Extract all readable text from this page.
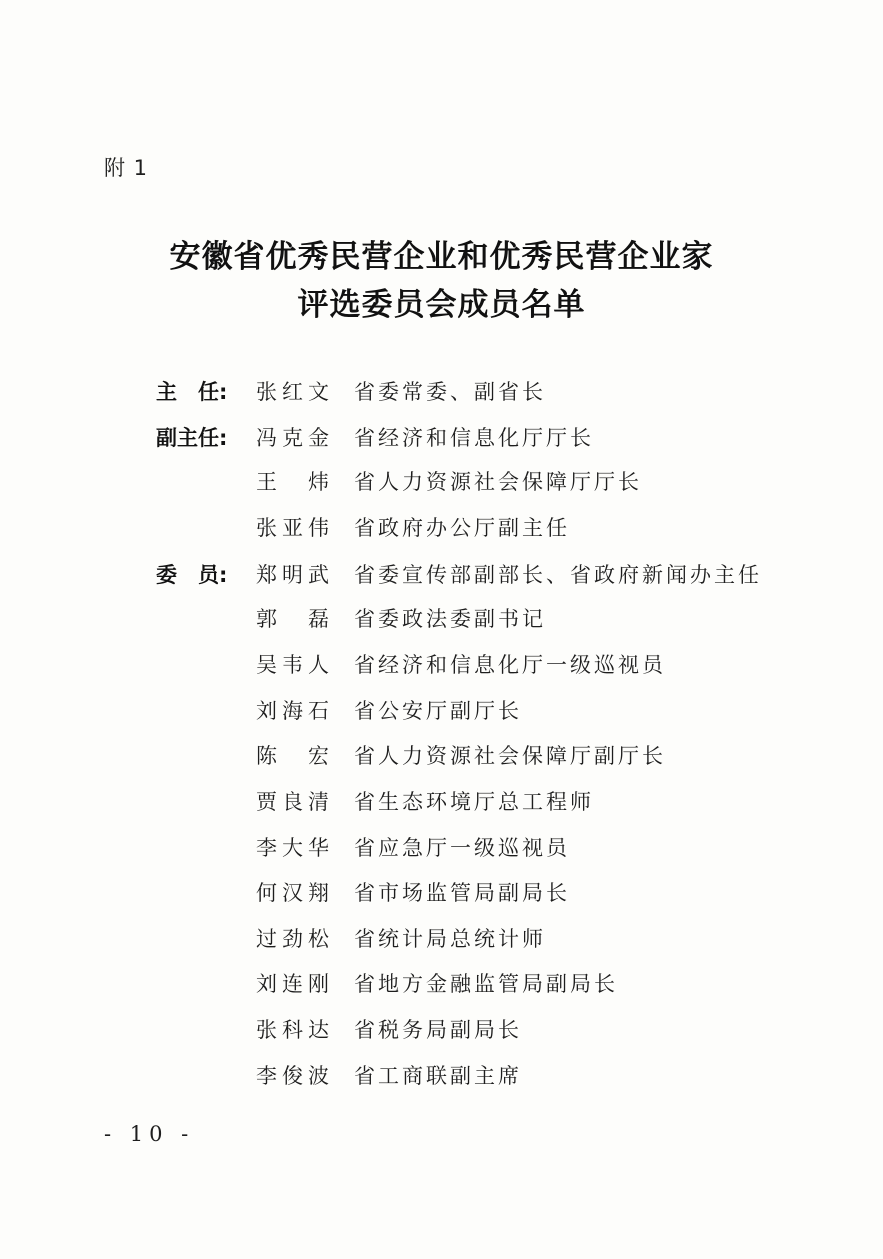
附 1
安徽省优秀民营企业和优秀民营企业家
评选委员会成员名单
主　任:	张红文 省委常委、副省长
副主任:	冯克金 省经济和信息化厅厅长
王　炜 省人力资源社会保障厅厅长
张亚伟 省政府办公厅副主任
委　员:	郑明武 省委宣传部副部长、省政府新闻办主任
郭　磊 省委政法委副书记
吴韦人 省经济和信息化厅一级巡视员
刘海石 省公安厅副厅长
陈　宏 省人力资源社会保障厅副厅长
贾良清 省生态环境厅总工程师
李大华 省应急厅一级巡视员
何汉翔 省市场监管局副局长
过劲松 省统计局总统计师
刘连刚 省地方金融监管局副局长
张科达 省税务局副局长
李俊波 省工商联副主席
- 10 -
